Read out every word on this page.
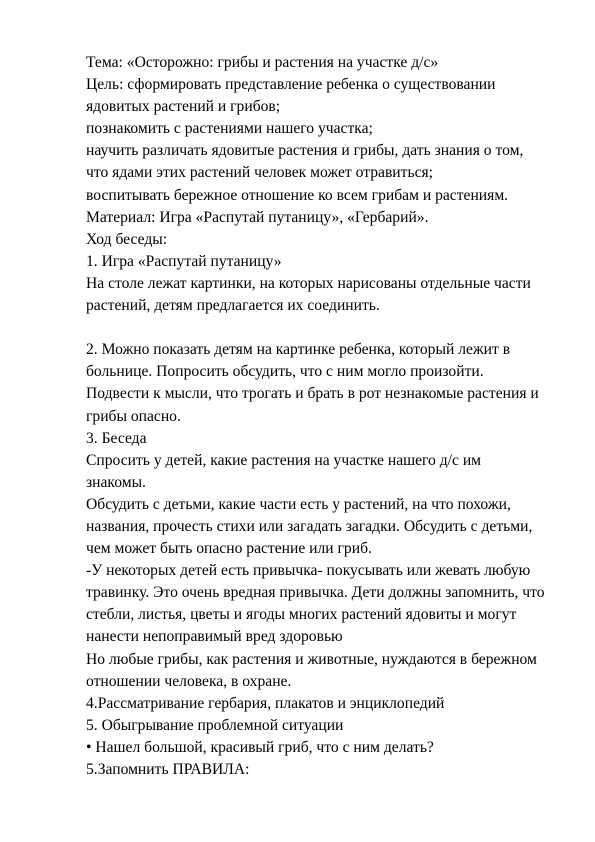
Тема: «Осторожно: грибы и растения на участке д/с»
Цель: сформировать представление ребенка о существовании
ядовитых растений и грибов;
познакомить с растениями нашего участка;
научить различать ядовитые растения и грибы, дать знания о том,
что ядами этих растений человек может отравиться;
воспитывать бережное отношение ко всем грибам и растениям.
Материал: Игра «Распутай путаницу», «Гербарий».
Ход беседы:
1. Игра «Распутай путаницу»
На столе лежат картинки, на которых нарисованы отдельные части
растений, детям предлагается их соединить.
2. Можно показать детям на картинке ребенка, который лежит в
больнице. Попросить обсудить, что с ним могло произойти.
Подвести к мысли, что трогать и брать в рот незнакомые растения и
грибы опасно.
3. Беседа
Спросить у детей, какие растения на участке нашего д/с им
знакомы.
Обсудить с детьми, какие части есть у растений, на что похожи,
названия, прочесть стихи или загадать загадки. Обсудить с детьми,
чем может быть опасно растение или гриб.
-У некоторых детей есть привычка- покусывать или жевать любую
травинку. Это очень вредная привычка. Дети должны запомнить, что
стебли, листья, цветы и ягоды многих растений ядовиты и могут
нанести непоправимый вред здоровью
Но любые грибы, как растения и животные, нуждаются в бережном
отношении человека, в охране.
4.Рассматривание гербария, плакатов и энциклопедий
5. Обыгрывание проблемной ситуации
• Нашел большой, красивый гриб, что с ним делать?
5.Запомнить ПРАВИЛА:
